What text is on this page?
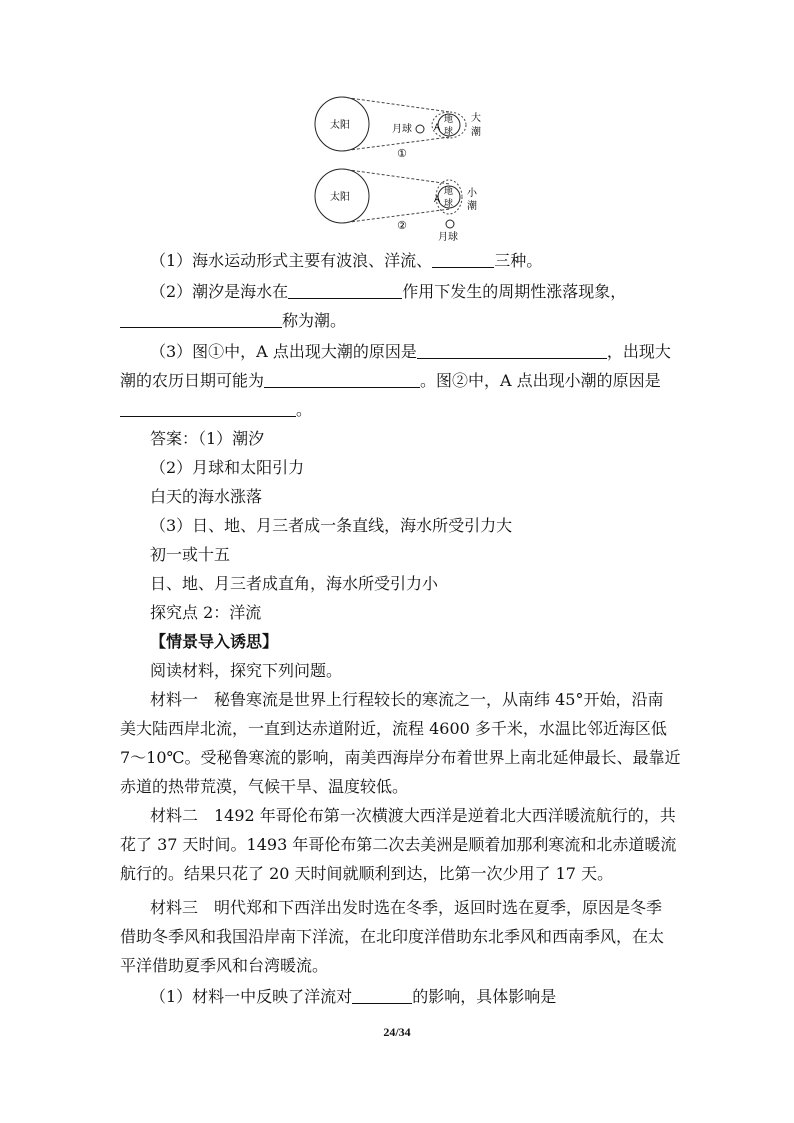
太阳	月球 A
地
球
大
潮
①
太阳	A
地
球
小
潮
月球
②
（1）海水运动形式主要有波浪、洋流、	三种。
（2）潮汐是海水在	作用下发生的周期性涨落现象，
称为潮。
（3）图①中，A 点出现大潮的原因是	，出现大
潮的农历日期可能为	。图②中，A 点出现小潮的原因是
。
答案：（1）潮汐
（2）月球和太阳引力
白天的海水涨落
（3）日、地、月三者成一条直线，海水所受引力大
初一或十五
日、地、月三者成直角，海水所受引力小
探究点 2：洋流
【情景导入诱思】
阅读材料，探究下列问题。
材料一　秘鲁寒流是世界上行程较长的寒流之一，从南纬 45°开始，沿南
美大陆西岸北流，一直到达赤道附近，流程 4600 多千米，水温比邻近海区低
7～10℃。受秘鲁寒流的影响，南美西海岸分布着世界上南北延伸最长、最靠近
赤道的热带荒漠，气候干旱、温度较低。
材料二　1492 年哥伦布第一次横渡大西洋是逆着北大西洋暖流航行的，共
花了 37 天时间。1493 年哥伦布第二次去美洲是顺着加那利寒流和北赤道暖流
航行的。结果只花了 20 天时间就顺利到达，比第一次少用了 17 天。
材料三　明代郑和下西洋出发时选在冬季，返回时选在夏季，原因是冬季
借助冬季风和我国沿岸南下洋流，在北印度洋借助东北季风和西南季风，在太
平洋借助夏季风和台湾暖流。
（1）材料一中反映了洋流对	的影响，具体影响是
24/34
